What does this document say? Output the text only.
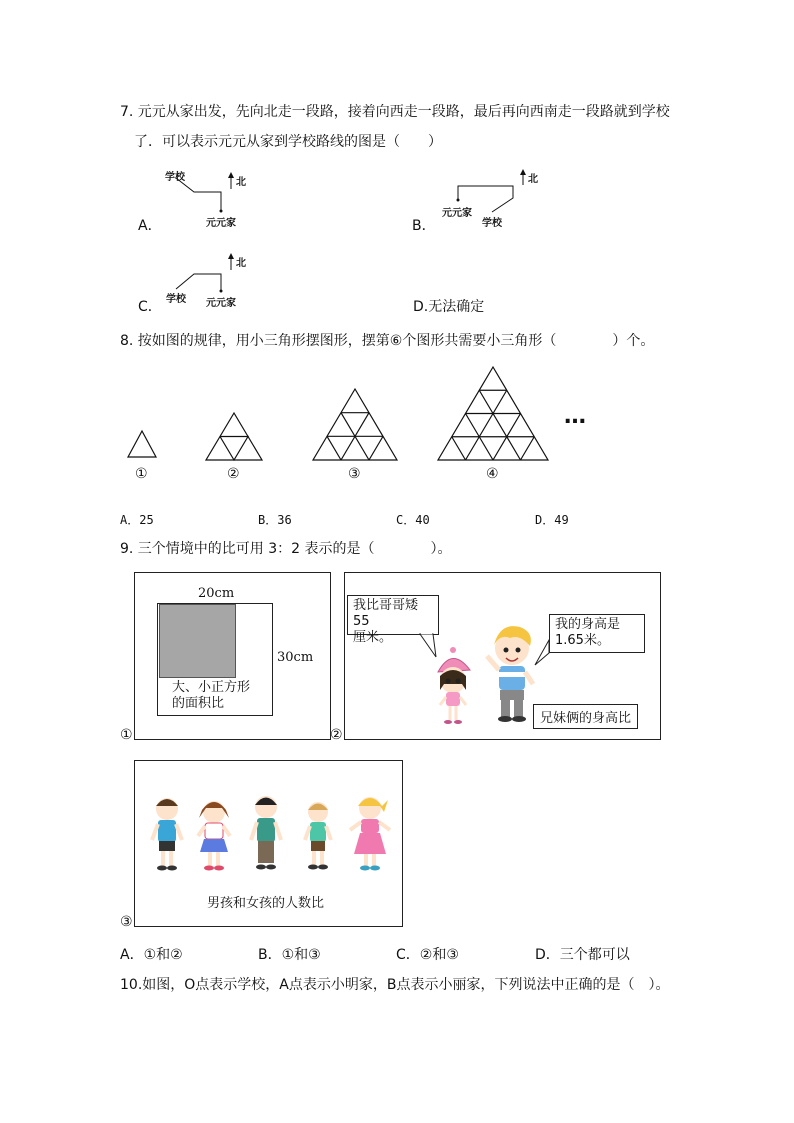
7. 元元从家出发，先向北走一段路，接着向西走一段路，最后再向西南走一段路就到学校
了．可以表示元元从家到学校路线的图是（　　）
A．
学校
元元家
北
B．
元元家
学校
北
C． 学校 元元家
北
D.无法确定
8. 按如图的规律，用小三角形摆图形，摆第⑥个图形共需要小三角形（　　　　）个。
①	②	③	④
…
A．25	B．36	C．40	D．49
9. 三个情境中的比可用 3：2 表示的是（　　　　）。
20cm
30cm
大、小正方形
的面积比
①	②
我比哥哥矮55
厘米。
我的身高是
1.65米。
兄妹俩的身高比
③
男孩和女孩的人数比
A．①和②	B．①和③	C．②和③	D．三个都可以
10.如图，O点表示学校，A点表示小明家，B点表示小丽家，下列说法中正确的是（　）。
